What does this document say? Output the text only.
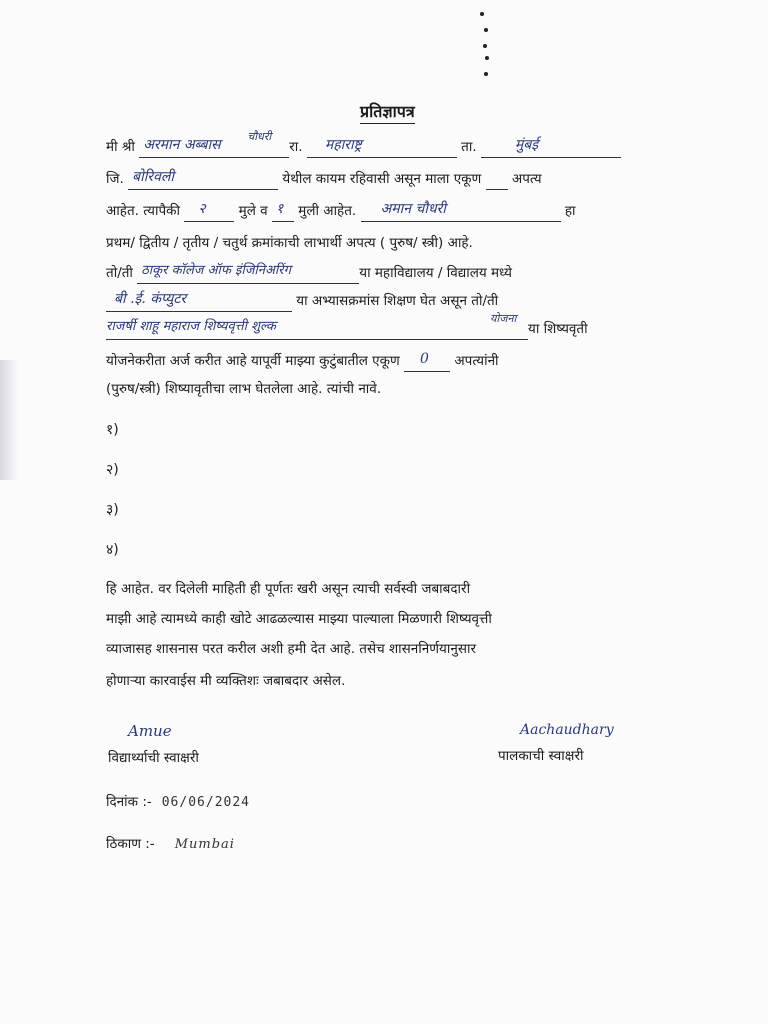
प्रतिज्ञापत्र
मी श्री अरमान अब्बास
चौधरी
रा. महाराष्ट्र	ता.	मुंबई
जि. बोरिवली	येथील कायम रहिवासी असून माला एकूण अपत्य
आहेत. त्यापैकी २ मुले व १ मुली आहेत. अमान चौधरी	हा
प्रथम/ द्वितीय / तृतीय / चतुर्थ क्रमांकाची लाभार्थी अपत्य ( पुरुष/ स्त्री) आहे.
तो/ती ठाकूर कॉलेज ऑफ इंजिनिअरिंग	या महाविद्यालय / विद्यालय मध्ये
बी .ई. कंप्युटर	या अभ्यासक्रमांस शिक्षण घेत असून तो/ती
राजर्षी शाहू महाराज शिष्यवृत्ती शुल्क
योजना
या शिष्यवृती
योजनेकरीता अर्ज करीत आहे यापूर्वी माझ्या कुटुंबातील एकूण 0 अपत्यांनी
(पुरुष/स्त्री) शिष्यावृतीचा लाभ घेतलेला आहे. त्यांची नावे.
१)
२)
३)
४)
हि आहेत. वर दिलेली माहिती ही पूर्णतः खरी असून त्याची सर्वस्वी जबाबदारी
माझी आहे त्यामध्ये काही खोटे आढळल्यास माझ्या पाल्याला मिळणारी शिष्यवृत्ती
व्याजासह शासनास परत करील अशी हमी देत आहे. तसेच शासननिर्णयानुसार
होणाऱ्या कारवाईस मी व्यक्तिशः जबाबदार असेल.
Amue
विद्यार्थ्याची स्वाक्षरी
Aachaudhary
पालकाची स्वाक्षरी
दिनांक :- 06/06/2024
ठिकाण :- Mumbai
